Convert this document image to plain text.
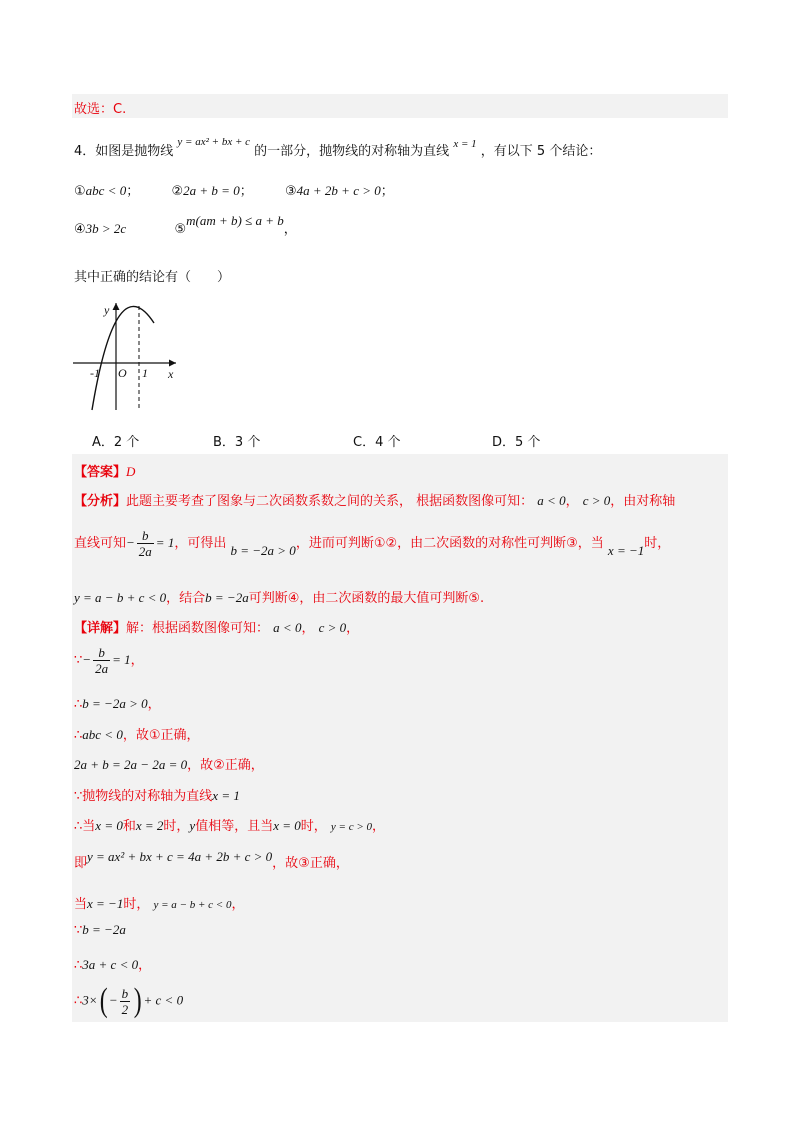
故选：C.
4．如图是抛物线 $^{y = ax^2 + bx + c}$ 的一部分，抛物线的对称轴为直线 $^{x = 1}$ ，有以下 5 个结论：
①abc < 0； ②2a + b = 0； ③4a + 2b + c > 0；
④3b > 2c	⑤m(am + b) ≤ a + b，
其中正确的结论有（　　）
y
x
O
-1	1
A．2 个	B．3 个	C．4 个	D．5 个
【答案】D
【分析】此题主要考查了图象与二次函数系数之间的关系， 根据函数图像可知： a < 0， c > 0，由对称轴
直线可知− $\frac{b}{2a} = 1$，可得出 b = −2a > 0，进而可判断①②，由二次函数的对称性可判断③，当 x = −1时，
y = a − b + c < 0，结合b = −2a可判断④，由二次函数的最大值可判断⑤.
【详解】解：根据函数图像可知： a < 0， c > 0，
∵− $\frac{b}{2a} = 1$，
∴b = −2a > 0，
∴abc < 0，故①正确，
2a + b = 2a − 2a = 0，故②正确，
∵抛物线的对称轴为直线x = 1
∴当x = 0和x = 2时，y值相等，且当x = 0时， y = c > 0，
即y = ax² + bx + c = 4a + 2b + c > 0，故③正确，
当x = −1时， y = a − b + c < 0，
∵b = −2a
∴3a + c < 0，
∴3×( − $\frac{b}{2}$ ) + c < 0
